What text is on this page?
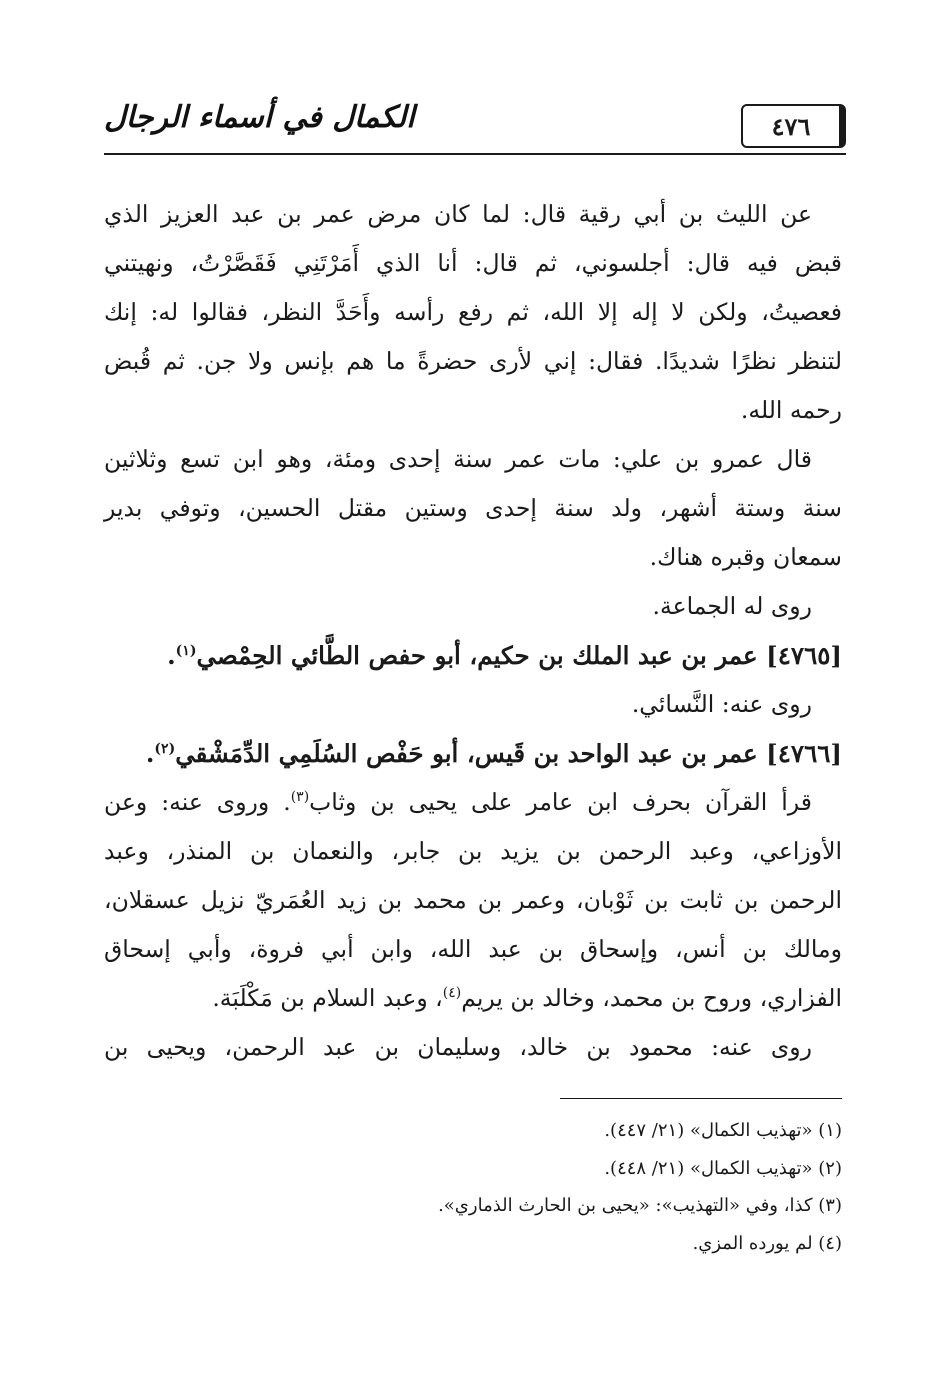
الكمال في أسماء الرجال	٤٧٦
عن الليث بن أبي رقية قال: لما كان مرض عمر بن عبد العزيز الذي
قبض فيه قال: أجلسوني، ثم قال: أنا الذي أَمَرْتَنِي فَقَصَّرْتُ، ونهيتني
فعصيتُ، ولكن لا إله إلا الله، ثم رفع رأسه وأَحَدَّ النظر، فقالوا له: إنك
لتنظر نظرًا شديدًا. فقال: إني لأرى حضرةً ما هم بإنس ولا جن. ثم قُبض
رحمه الله.
قال عمرو بن علي: مات عمر سنة إحدى ومئة، وهو ابن تسع وثلاثين
سنة وستة أشهر، ولد سنة إحدى وستين مقتل الحسين، وتوفي بدير
سمعان وقبره هناك.
روى له الجماعة.
[٤٧٦٥] عمر بن عبد الملك بن حكيم، أبو حفص الطَّائي الحِمْصي$^{(١)}$.
روى عنه: النَّسائي.
[٤٧٦٦] عمر بن عبد الواحد بن قَيس، أبو حَفْص السُلَمِي الدِّمَشْقي$^{(٢)}$.
قرأ القرآن بحرف ابن عامر على يحيى بن وثاب$^{(٣)}$. وروى عنه: وعن
الأوزاعي، وعبد الرحمن بن يزيد بن جابر، والنعمان بن المنذر، وعبد
الرحمن بن ثابت بن ثَوْبان، وعمر بن محمد بن زيد العُمَريّ نزيل عسقلان،
ومالك بن أنس، وإسحاق بن عبد الله، وابن أبي فروة، وأبي إسحاق
الفزاري، وروح بن محمد، وخالد بن يريم$^{(٤)}$، وعبد السلام بن مَكْلَبَة.
روى عنه: محمود بن خالد، وسليمان بن عبد الرحمن، ويحيى بن
(١) «تهذيب الكمال» (٢١/ ٤٤٧).
(٢) «تهذيب الكمال» (٢١/ ٤٤٨).
(٣) كذا، وفي «التهذيب»: «يحيى بن الحارث الذماري».
(٤) لم يورده المزي.
